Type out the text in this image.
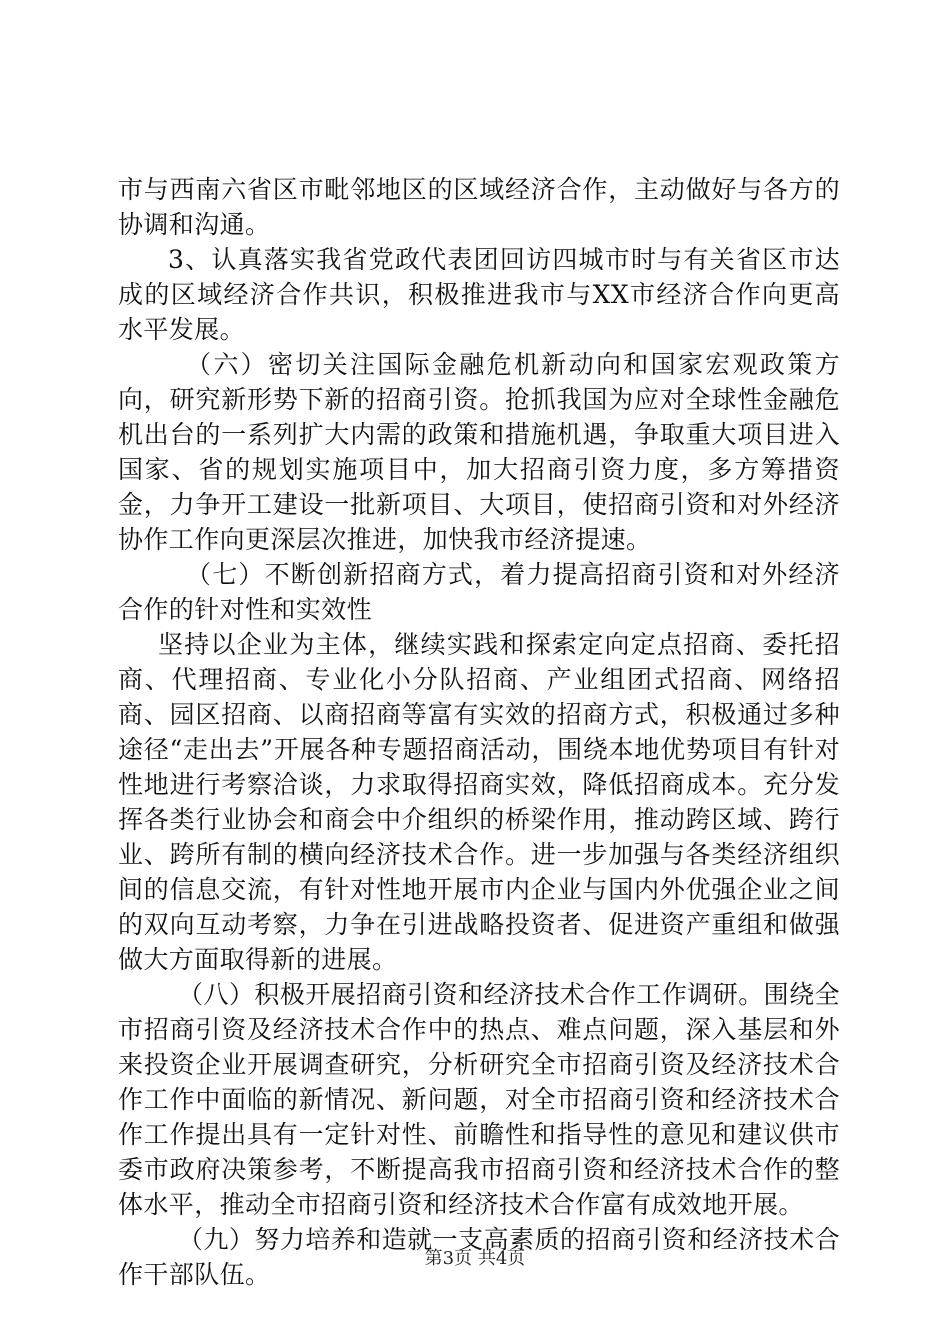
市与西南六省区市毗邻地区的区域经济合作，主动做好与各方的协调和沟通。

3、认真落实我省党政代表团回访四城市时与有关省区市达成的区域经济合作共识，积极推进我市与XX市经济合作向更高水平发展。

（六）密切关注国际金融危机新动向和国家宏观政策方向，研究新形势下新的招商引资。抢抓我国为应对全球性金融危机出台的一系列扩大内需的政策和措施机遇，争取重大项目进入国家、省的规划实施项目中，加大招商引资力度，多方筹措资金，力争开工建设一批新项目、大项目，使招商引资和对外经济协作工作向更深层次推进，加快我市经济提速。

（七）不断创新招商方式，着力提高招商引资和对外经济合作的针对性和实效性

坚持以企业为主体，继续实践和探索定向定点招商、委托招商、代理招商、专业化小分队招商、产业组团式招商、网络招商、园区招商、以商招商等富有实效的招商方式，积极通过多种途径“走出去”开展各种专题招商活动，围绕本地优势项目有针对性地进行考察洽谈，力求取得招商实效，降低招商成本。充分发挥各类行业协会和商会中介组织的桥梁作用，推动跨区域、跨行业、跨所有制的横向经济技术合作。进一步加强与各类经济组织间的信息交流，有针对性地开展市内企业与国内外优强企业之间的双向互动考察，力争在引进战略投资者、促进资产重组和做强做大方面取得新的进展。

（八）积极开展招商引资和经济技术合作工作调研。围绕全市招商引资及经济技术合作中的热点、难点问题，深入基层和外来投资企业开展调查研究，分析研究全市招商引资及经济技术合作工作中面临的新情况、新问题，对全市招商引资和经济技术合作工作提出具有一定针对性、前瞻性和指导性的意见和建议供市委市政府决策参考，不断提高我市招商引资和经济技术合作的整体水平，推动全市招商引资和经济技术合作富有成效地开展。

（九）努力培养和造就一支高素质的招商引资和经济技术合作干部队伍。

第3页 共4页
